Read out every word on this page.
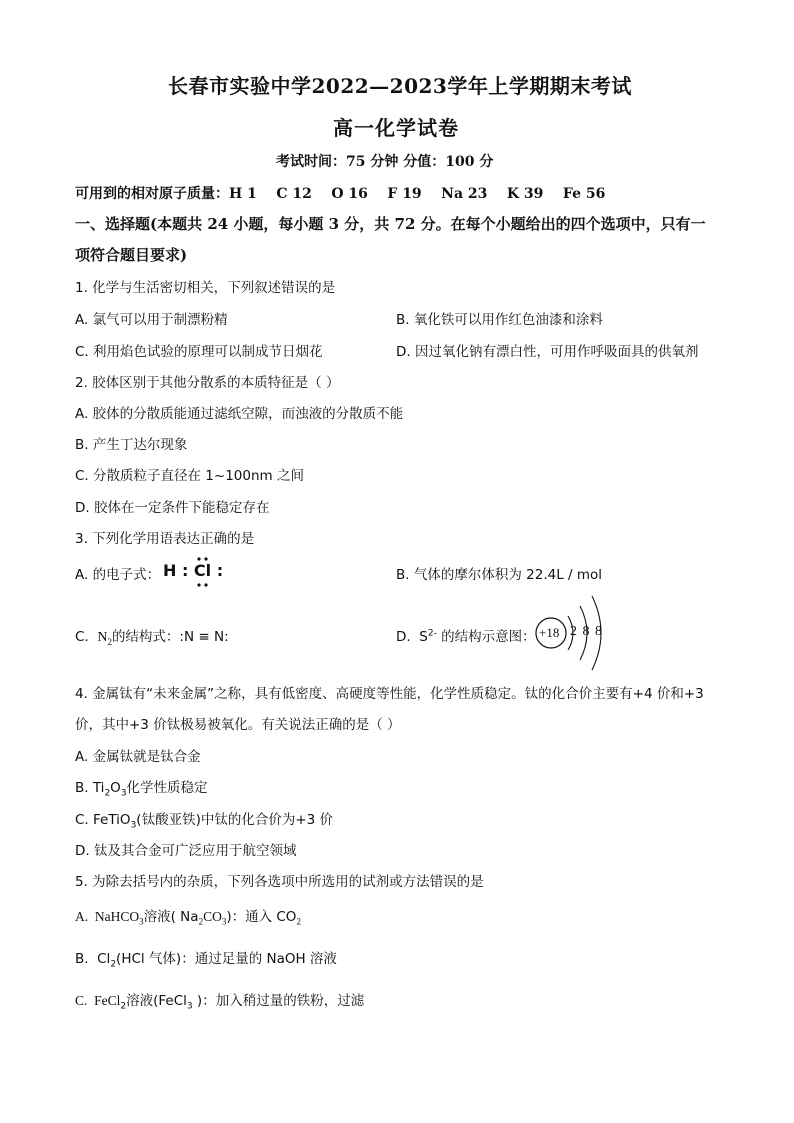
长春市实验中学2022—2023学年上学期期末考试
高一化学试卷
考试时间：75 分钟 分值：100 分
可用到的相对原子质量：H 1    C 12    O 16    F 19    Na 23    K 39    Fe 56
一、选择题(本题共 24 小题，每小题 3 分，共 72 分。在每个小题给出的四个选项中，只有一
项符合题目要求)
1. 化学与生活密切相关，下列叙述错误的是
A. 氯气可以用于制漂粉精	B. 氧化铁可以用作红色油漆和涂料
C. 利用焰色试验的原理可以制成节日烟花	D. 因过氧化钠有漂白性，可用作呼吸面具的供氧剂
2. 胶体区别于其他分散系的本质特征是（ ）
A. 胶体的分散质能通过滤纸空隙，而浊液的分散质不能
B. 产生丁达尔现象
C. 分散质粒子直径在 1~100nm 之间
D. 胶体在一定条件下能稳定存在
3. 下列化学用语表达正确的是
A. 的电子式： H : Cl :	B. 气体的摩尔体积为 22.4L / mol
C.  $N_2$的结构式：:N ≡ N:	D.  $S^{2-}$ 的结构示意图： +18 2 8 8
4. 金属钛有“未来金属”之称，具有低密度、高硬度等性能，化学性质稳定。钛的化合价主要有+4 价和+3
价，其中+3 价钛极易被氧化。有关说法正确的是（ ）
A. 金属钛就是钛合金
B. $Ti_2O_3$化学性质稳定
C. FeTiO$_3$(钛酸亚铁)中钛的化合价为+3 价
D. 钛及其合金可广泛应用于航空领域
5. 为除去括号内的杂质，下列各选项中所选用的试剂或方法错误的是
A.  NaHCO$_3$溶液( $Na_2CO_3$)：通入 $CO_2$
B.  $Cl_2(HCl$ 气体)：通过足量的 NaOH 溶液
C.  FeCl$_2$溶液(FeCl$_3$ )：加入稍过量的铁粉，过滤
